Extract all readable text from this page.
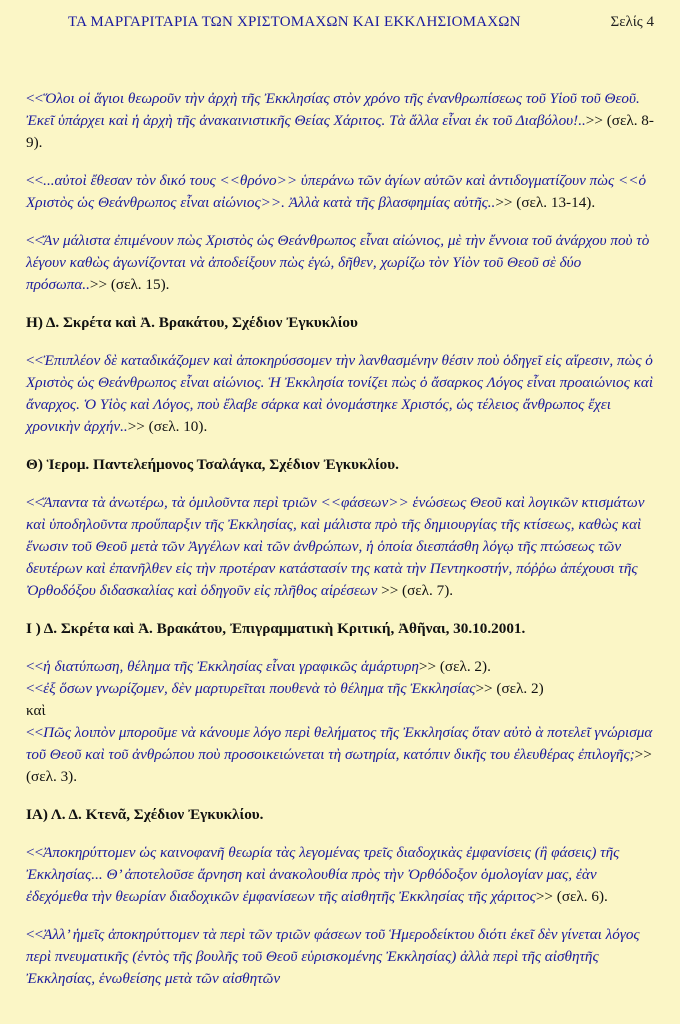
ΤΑ ΜΑΡΓΑΡΙΤΑΡΙΑ ΤΩΝ ΧΡΙΣΤΟΜΑΧΩΝ ΚΑΙ ΕΚΚΛΗΣΙΟΜΑΧΩΝ	Σελίς 4

<<Ὅλοι οἱ ἅγιοι θεωροῦν τὴν ἀρχὴ τῆς Ἐκκλησίας στὸν χρόνο τῆς ἐνανθρωπίσεως τοῦ Υἱοῦ τοῦ Θεοῦ. Ἐκεῖ ὑπάρχει καὶ ἡ ἀρχὴ τῆς ἀνακαινιστικῆς Θείας Χάριτος. Τὰ ἄλλα εἶναι ἐκ τοῦ Διαβόλου!..>> (σελ. 8-9).

<<...αὐτοὶ ἔθεσαν τὸν δικό τους <<θρόνο>> ὑπεράνω τῶν ἁγίων αὐτῶν καὶ ἀντιδογματίζουν πὼς <<ὁ Χριστὸς ὡς Θεάνθρωπος εἶναι αἰώνιος>>. Ἀλλὰ κατὰ τῆς βλασφημίας αὐτῆς..>> (σελ. 13-14).

<<Ἄν μάλιστα ἐπιμένουν πὼς Χριστὸς ὡς Θεάνθρωπος εἶναι αἰώνιος, μὲ τὴν ἔννοια τοῦ ἀνάρχου ποὺ τὸ λέγουν καθὼς ἀγωνίζονται νὰ ἀποδείξουν πὼς ἐγώ, δῆθεν, χωρίζω τὸν Υἱὸν τοῦ Θεοῦ σὲ δύο πρόσωπα..>> (σελ. 15).

Η) Δ. Σκρέτα καὶ Ἀ. Βρακάτου, Σχέδιον Ἐγκυκλίου

<<Ἐπιπλέον δὲ καταδικάζομεν καὶ ἀποκηρύσσομεν τὴν λανθασμένην θέσιν ποὺ ὁδηγεῖ εἰς αἵρεσιν, πὼς ὁ Χριστὸς ὡς Θεάνθρωπος εἶναι αἰώνιος. Ἡ Ἐκκλησία τονίζει πὼς ὁ ἄσαρκος Λόγος εἶναι προαιώνιος καὶ ἄναρχος. Ὁ Υἱὸς καὶ Λόγος, ποὺ ἔλαβε σάρκα καὶ ὀνομάστηκε Χριστός, ὡς τέλειος ἄνθρωπος ἔχει χρονικὴν ἀρχήν..>> (σελ. 10).

Θ) Ἱερομ. Παντελεήμονος Τσαλάγκα, Σχέδιον Ἐγκυκλίου.

<<Ἅπαντα τὰ ἀνωτέρω, τὰ ὁμιλοῦντα περὶ τριῶν <<φάσεων>> ἑνώσεως Θεοῦ καὶ λογικῶν κτισμάτων καὶ ὑποδηλοῦντα προὕπαρξιν τῆς Ἐκκλησίας, καὶ μάλιστα πρὸ τῆς δημιουργίας τῆς κτίσεως, καθὼς καὶ ἕνωσιν τοῦ Θεοῦ μετὰ τῶν Ἀγγέλων καὶ τῶν ἀνθρώπων, ἡ ὁποία διεσπάσθη λόγῳ τῆς πτώσεως τῶν δευτέρων καὶ ἐπανῆλθεν εἰς τὴν προτέραν κατάστασίν της κατὰ τὴν Πεντηκοστήν, πόῤῥω ἀπέχουσι τῆς Ὀρθοδόξου διδασκαλίας καὶ ὁδηγοῦν εἰς πλῆθος αἱρέσεων >> (σελ. 7).

Ι ) Δ. Σκρέτα καὶ Ἀ. Βρακάτου, Ἐπιγραμματικὴ Κριτική, Ἀθῆναι, 30.10.2001.

<<ἡ διατύπωση, θέλημα τῆς Ἐκκλησίας εἶναι γραφικῶς ἁμάρτυρη>> (σελ. 2).

<<ἐξ ὅσων γνωρίζομεν, δὲν μαρτυρεῖται πουθενὰ τὸ θέλημα τῆς Ἐκκλησίας>> (σελ. 2)

καὶ

<<Πῶς λοιπὸν μποροῦμε νὰ κάνουμε λόγο περὶ θελήματος τῆς Ἐκκλησίας ὅταν αὐτὸ ὰ ποτελεῖ γνώρισμα τοῦ Θεοῦ καὶ τοῦ ἀνθρώπου ποὺ προσοικειώνεται τὴ σωτηρία, κατόπιν δικῆς του ἐλευθέρας ἐπιλογῆς;>> (σελ. 3).

ΙΑ) Λ. Δ. Κτενᾶ, Σχέδιον Ἐγκυκλίου.

<<Ἀποκηρύττομεν ὡς καινοφανῆ θεωρία τὰς λεγομένας τρεῖς διαδοχικὰς ἐμφανίσεις (ἢ φάσεις) τῆς Ἐκκλησίας... Θ’ ἀποτελοῦσε ἄρνηση καὶ ἀνακολουθία πρὸς τὴν Ὀρθόδοξον ὁμολογίαν μας, ἐὰν ἐδεχόμεθα τὴν θεωρίαν διαδοχικῶν ἐμφανίσεων τῆς αἰσθητῆς Ἐκκλησίας τῆς χάριτος>> (σελ. 6).

<<Ἀλλ’ ἡμεῖς ἀποκηρύττομεν τὰ περὶ τῶν τριῶν φάσεων τοῦ Ἡμεροδείκτου διότι ἐκεῖ δὲν γίνεται λόγος περὶ πνευματικῆς (ἐντὸς τῆς βουλῆς τοῦ Θεοῦ εὑρισκομένης Ἐκκλησίας) ἀλλὰ περὶ τῆς αἰσθητῆς Ἐκκλησίας, ἑνωθείσης μετὰ τῶν αἰσθητῶν
